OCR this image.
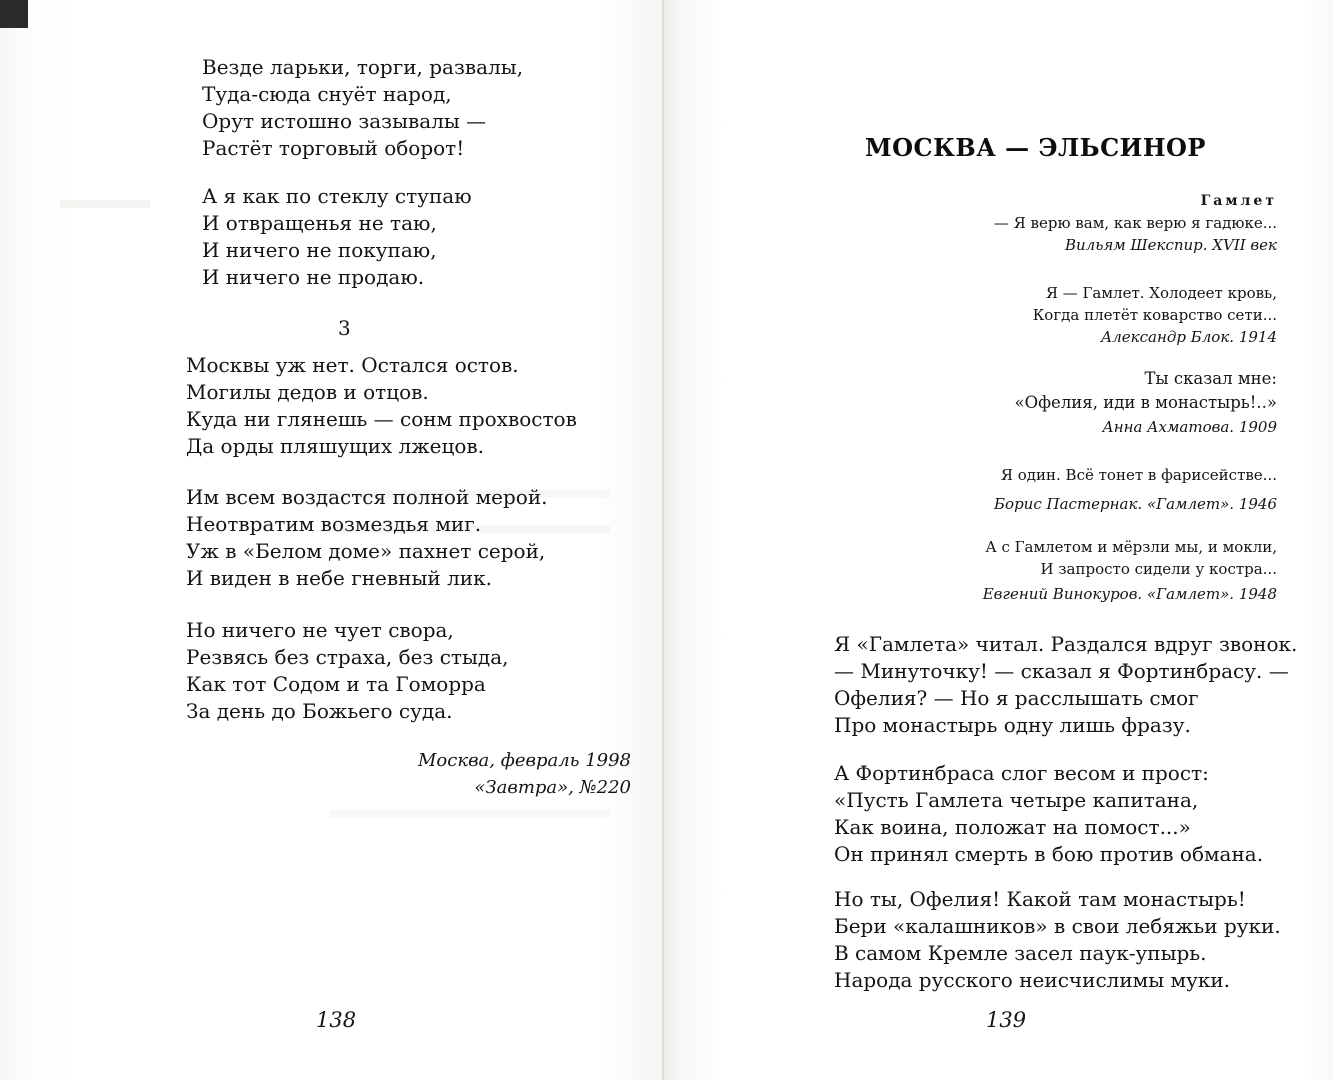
Везде ларьки, торги, развалы,
Туда-сюда снуёт народ,
Орут истошно зазывалы —
Растёт торговый оборот!
А я как по стеклу ступаю
И отвращенья не таю,
И ничего не покупаю,
И ничего не продаю.
3
Москвы уж нет. Остался остов.
Могилы дедов и отцов.
Куда ни глянешь — сонм прохвостов
Да орды пляшущих лжецов.
Им всем воздастся полной мерой.
Неотвратим возмездья миг.
Уж в «Белом доме» пахнет серой,
И виден в небе гневный лик.
Но ничего не чует свора,
Резвясь без страха, без стыда,
Как тот Содом и та Гоморра
За день до Божьего суда.
Москва, февраль 1998
«Завтра», №220
138
МОСКВА — ЭЛЬСИНОР
Гамлет
— Я верю вам, как верю я гадюке...
Вильям Шекспир. XVII век
Я — Гамлет. Холодеет кровь,
Когда плетёт коварство сети...
Александр Блок. 1914
Ты сказал мне:
«Офелия, иди в монастырь!..»
Анна Ахматова. 1909
Я один. Всё тонет в фарисействе...
Борис Пастернак. «Гамлет». 1946
А с Гамлетом и мёрзли мы, и мокли,
И запросто сидели у костра...
Евгений Винокуров. «Гамлет». 1948
Я «Гамлета» читал. Раздался вдруг звонок.
— Минуточку! — сказал я Фортинбрасу. —
Офелия? — Но я расслышать смог
Про монастырь одну лишь фразу.
А Фортинбраса слог весом и прост:
«Пусть Гамлета четыре капитана,
Как воина, положат на помост...»
Он принял смерть в бою против обмана.
Но ты, Офелия! Какой там монастырь!
Бери «калашников» в свои лебяжьи руки.
В самом Кремле засел паук-упырь.
Народа русского неисчислимы муки.
139
